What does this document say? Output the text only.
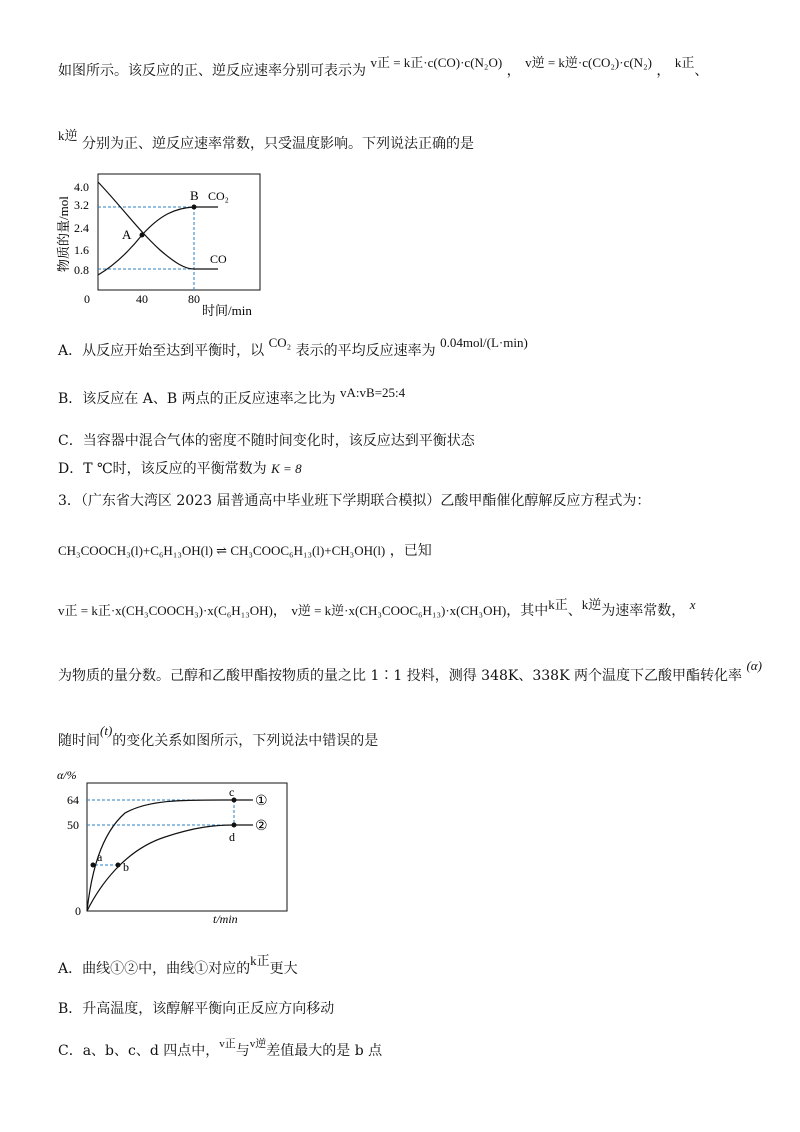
如图所示。该反应的正、逆反应速率分别可表示为 v正 = k正·c(CO)·c(N₂O) ， v逆 = k逆·c(CO₂)·c(N₂) ， k正、
k逆 分别为正、逆反应速率常数，只受温度影响。下列说法正确的是
物质的量/mol
4.0
3.2
2.4
1.6
0.8
0	40	80
时间/min
A
B CO₂
CO
A．从反应开始至达到平衡时，以 CO₂ 表示的平均反应速率为 0.04mol/(L·min)
B．该反应在 A、B 两点的正反应速率之比为 vA:vB=25:4
C．当容器中混合气体的密度不随时间变化时，该反应达到平衡状态
D．T ℃时，该反应的平衡常数为 K = 8
3．（广东省大湾区 2023 届普通高中毕业班下学期联合模拟）乙酸甲酯催化醇解反应方程式为：
CH₃COOCH₃(l)+C₆H₁₃OH(l) ⇌ CH₃COOC₆H₁₃(l)+CH₃OH(l) ，已知
v正 = k正·x(CH₃COOCH₃)·x(C₆H₁₃OH)， v逆 = k逆·x(CH₃COOC₆H₁₃)·x(CH₃OH)，其中k正、k逆为速率常数， x
为物质的量分数。己醇和乙酸甲酯按物质的量之比 1∶1 投料，测得 348K、338K 两个温度下乙酸甲酯转化率 (α)
随时间(t)的变化关系如图所示，下列说法中错误的是
α/%
64
50
0
t/min
a
b
c
d
①
②
A．曲线①②中，曲线①对应的k正更大
B．升高温度，该醇解平衡向正反应方向移动
C．a、b、c、d 四点中，$^{v正}$与$^{v逆}$差值最大的是 b 点
